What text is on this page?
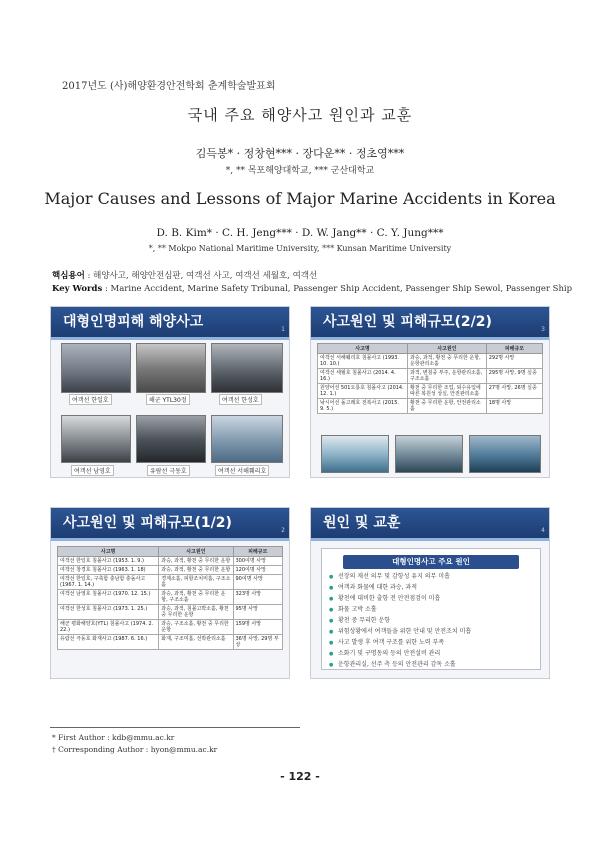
2017년도 (사)해양환경안전학회 춘계학술발표회
국내 주요 해양사고 원인과 교훈
김득봉* · 정창현*** · 장다운** · 정초영***
*, ** 목포해양대학교, *** 군산대학교
Major Causes and Lessons of Major Marine Accidents in Korea
D. B. Kim* · C. H. Jeng*** · D. W. Jang** · C. Y. Jung***
*, ** Mokpo National Maritime University, *** Kunsan Maritime University
핵심용어 : 해양사고, 해양안전심판, 여객선 사고, 여객선 세월호, 여객선
Key Words : Marine Accident, Marine Safety Tribunal, Passenger Ship Accident, Passenger Ship Sewol, Passenger Ship
대형인명피해 해양사고	1
여객선 한일호	해군 YTL30정	여객선 한성호
여객선 남영호	유람선 극동호	여객선 서해훼리호
사고원인 및 피해규모(2/2)	3
사고명	사고원인	피해규모
여객선 서해훼리호 침몰사고 (1993. 10. 10.)	과승, 과적, 황천 중 무리한 운항, 운항관리소홀	292명 사망
여객선 세월호 침몰사고 (2014. 4. 16.)	과적, 변침중 부주, 운항관리소홀, 구조소홀	295명 사망, 9명 실종
원양어선 501오룡호 침몰사고 (2014. 12. 1.)	황천 중 무리한 조업, 퇴수유입에 따른 복원성 상실, 안전관리소홀	27명 사망, 26명 실종
낚시어선 돌고래호 전복사고 (2015. 9. 5.)	황천 중 무리한 운항, 안전관리소홀	18명 사망
사고원인 및 피해규모(1/2)	2
사고명	사고원인	피해규모
여객선 한일호 침몰사고 (1953. 1. 9.)	과승, 과적, 황천 중 무리한 운항	300여명 사망
여객선 창경호 침몰사고 (1963. 1. 18)	과승, 과적, 황천 중 무리한 운항	120여명 사망
여객선 한일호, 구축함 충남함 충돌사고 (1967. 1. 14.)	경계소홀, 피항조치미흡, 구조소홀	90여명 사망
여객선 남영호 침몰사고 (1970. 12. 15.)	과승, 과적, 황천 중 무리한 운항, 구조소홀	323명 사망
여객선 한성호 침몰사고 (1973. 1. 25.)	과승, 과적, 침몰고박소홀, 황천 중 무리한 운항	95명 사망
해군 평화해양호(YTL) 침몰사고 (1974. 2. 22.)	과승, 구조소홀, 황천 중 무리한 운항	159명 사망
유람선 극동호 화재사고 (1987. 6. 16.)	화재, 구조미흡, 선박관리소홀	36명 사망, 29명 부상
원인 및 교훈	4
대형인명사고 주요 원인
● 선장의 재선 의무 및 감항성 유지 의무 미흡
● 여객과 화물에 대한 과승, 과적
● 황천에 대비한 출항 전 안전점검이 미흡
● 화물 고박 소홀
● 황천 중 무리한 운항
● 위험상황에서 여객들을 위한 안내 및 안전조치 미흡
● 사고 발생 후 여객 구조를 위한 노력 부족
● 소화기 및 구명동의 등의 안전설비 관리
● 운항관리실, 선주 측 등의 안전관리 감독 소홀
* First Author : kdb@mmu.ac.kr
† Corresponding Author : hyon@mmu.ac.kr
- 122 -
